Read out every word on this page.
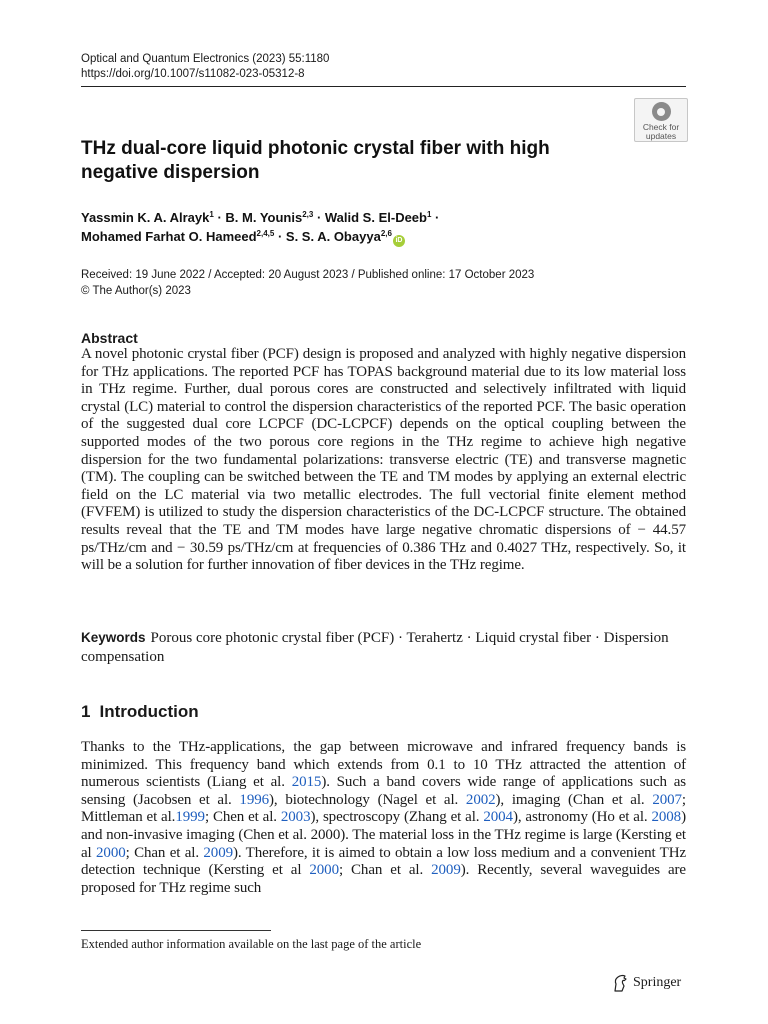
Optical and Quantum Electronics (2023) 55:1180
https://doi.org/10.1007/s11082-023-05312-8
Check for
updates
THz dual-core liquid photonic crystal fiber with high
negative dispersion
Yassmin K. A. Alrayk$^1$ · B. M. Younis$^{2,3}$ · Walid S. El-Deeb$^1$ ·
Mohamed Farhat O. Hameed$^{2,4,5}$ · S. S. A. Obayya$^{2,6}$iD
Received: 19 June 2022 / Accepted: 20 August 2023 / Published online: 17 October 2023
© The Author(s) 2023
Abstract
A novel photonic crystal fiber (PCF) design is proposed and analyzed with highly negative dispersion for THz applications. The reported PCF has TOPAS background material due to its low material loss in THz regime. Further, dual porous cores are constructed and selectively infiltrated with liquid crystal (LC) material to control the dispersion characteristics of the reported PCF. The basic operation of the suggested dual core LCPCF (DC-LCPCF) depends on the optical coupling between the supported modes of the two porous core regions in the THz regime to achieve high negative dispersion for the two fundamental polarizations: transverse electric (TE) and transverse magnetic (TM). The coupling can be switched between the TE and TM modes by applying an external electric field on the LC material via two metallic electrodes. The full vectorial finite element method (FVFEM) is utilized to study the dispersion characteristics of the DC-LCPCF structure. The obtained results reveal that the TE and TM modes have large negative chromatic dispersions of − 44.57 ps/THz/cm and − 30.59 ps/THz/cm at frequencies of 0.386 THz and 0.4027 THz, respectively. So, it will be a solution for further innovation of fiber devices in the THz regime.
Keywords Porous core photonic crystal fiber (PCF) · Terahertz · Liquid crystal fiber · Dispersion compensation
1 Introduction
Thanks to the THz-applications, the gap between microwave and infrared frequency bands is minimized. This frequency band which extends from 0.1 to 10 THz attracted the attention of numerous scientists (Liang et al. 2015). Such a band covers wide range of applications such as sensing (Jacobsen et al. 1996), biotechnology (Nagel et al. 2002), imaging (Chan et al. 2007; Mittleman et al.1999; Chen et al. 2003), spectroscopy (Zhang et al. 2004), astronomy (Ho et al. 2008) and non-invasive imaging (Chen et al. 2000). The material loss in the THz regime is large (Kersting et al 2000; Chan et al. 2009). Therefore, it is aimed to obtain a low loss medium and a convenient THz detection technique (Kersting et al 2000; Chan et al. 2009). Recently, several waveguides are proposed for THz regime such
Extended author information available on the last page of the article
Springer
